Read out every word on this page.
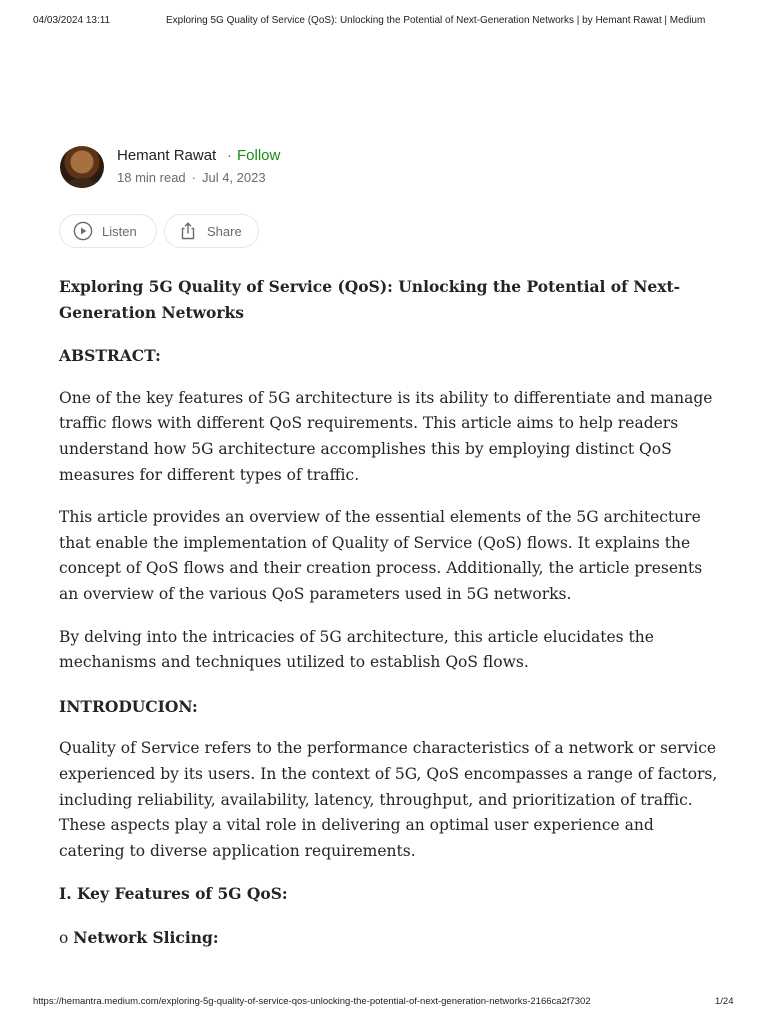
04/03/2024 13:11	Exploring 5G Quality of Service (QoS): Unlocking the Potential of Next-Generation Networks | by Hemant Rawat | Medium
Hemant Rawat · Follow
18 min read · Jul 4, 2023
Listen	Share

Exploring 5G Quality of Service (QoS): Unlocking the Potential of Next-Generation Networks

ABSTRACT:

One of the key features of 5G architecture is its ability to differentiate and manage traffic flows with different QoS requirements. This article aims to help readers understand how 5G architecture accomplishes this by employing distinct QoS measures for different types of traffic.

This article provides an overview of the essential elements of the 5G architecture that enable the implementation of Quality of Service (QoS) flows. It explains the concept of QoS flows and their creation process. Additionally, the article presents an overview of the various QoS parameters used in 5G networks.

By delving into the intricacies of 5G architecture, this article elucidates the mechanisms and techniques utilized to establish QoS flows.

INTRODUCION:

Quality of Service refers to the performance characteristics of a network or service experienced by its users. In the context of 5G, QoS encompasses a range of factors, including reliability, availability, latency, throughput, and prioritization of traffic. These aspects play a vital role in delivering an optimal user experience and catering to diverse application requirements.

I. Key Features of 5G QoS:

o Network Slicing:

https://hemantra.medium.com/exploring-5g-quality-of-service-qos-unlocking-the-potential-of-next-generation-networks-2166ca2f7302	1/24
